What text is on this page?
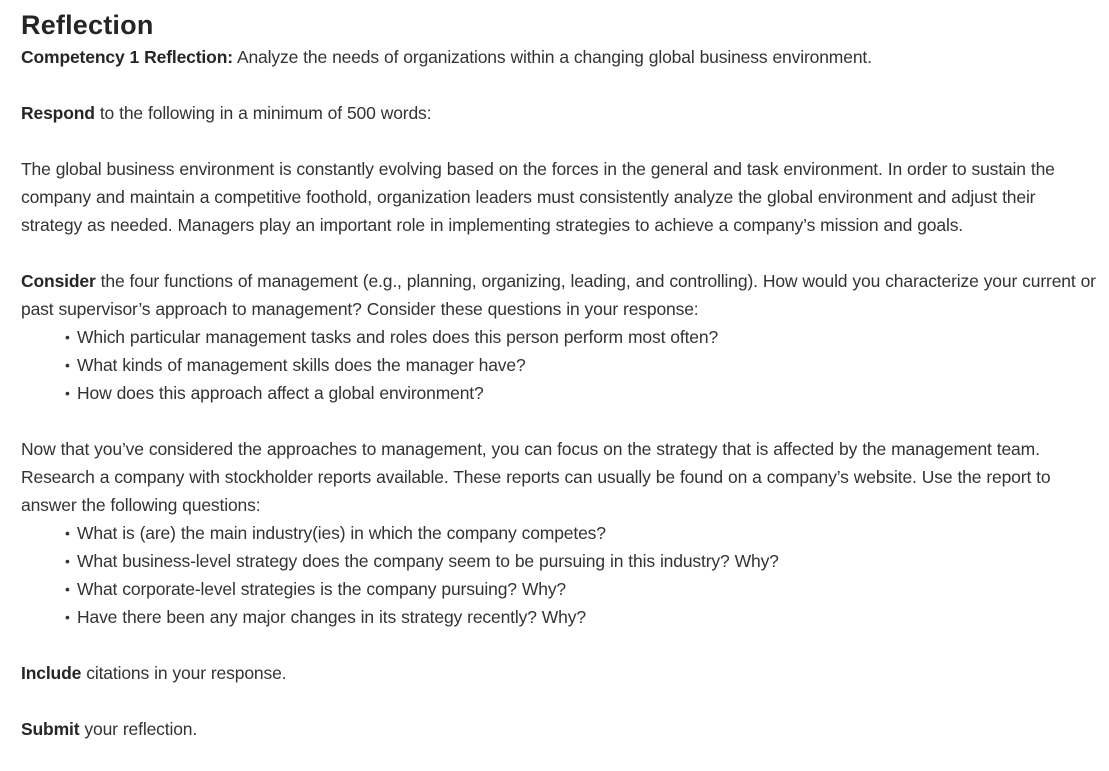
Reflection

Competency 1 Reflection: Analyze the needs of organizations within a changing global business environment.

Respond to the following in a minimum of 500 words:

The global business environment is constantly evolving based on the forces in the general and task environment. In order to sustain the company and maintain a competitive foothold, organization leaders must consistently analyze the global environment and adjust their strategy as needed. Managers play an important role in implementing strategies to achieve a company’s mission and goals.

Consider the four functions of management (e.g., planning, organizing, leading, and controlling). How would you characterize your current or past supervisor’s approach to management? Consider these questions in your response:

• Which particular management tasks and roles does this person perform most often?
• What kinds of management skills does the manager have?
• How does this approach affect a global environment?

Now that you’ve considered the approaches to management, you can focus on the strategy that is affected by the management team. Research a company with stockholder reports available. These reports can usually be found on a company’s website. Use the report to answer the following questions:

• What is (are) the main industry(ies) in which the company competes?
• What business-level strategy does the company seem to be pursuing in this industry? Why?
• What corporate-level strategies is the company pursuing? Why?
• Have there been any major changes in its strategy recently? Why?

Include citations in your response.

Submit your reflection.
